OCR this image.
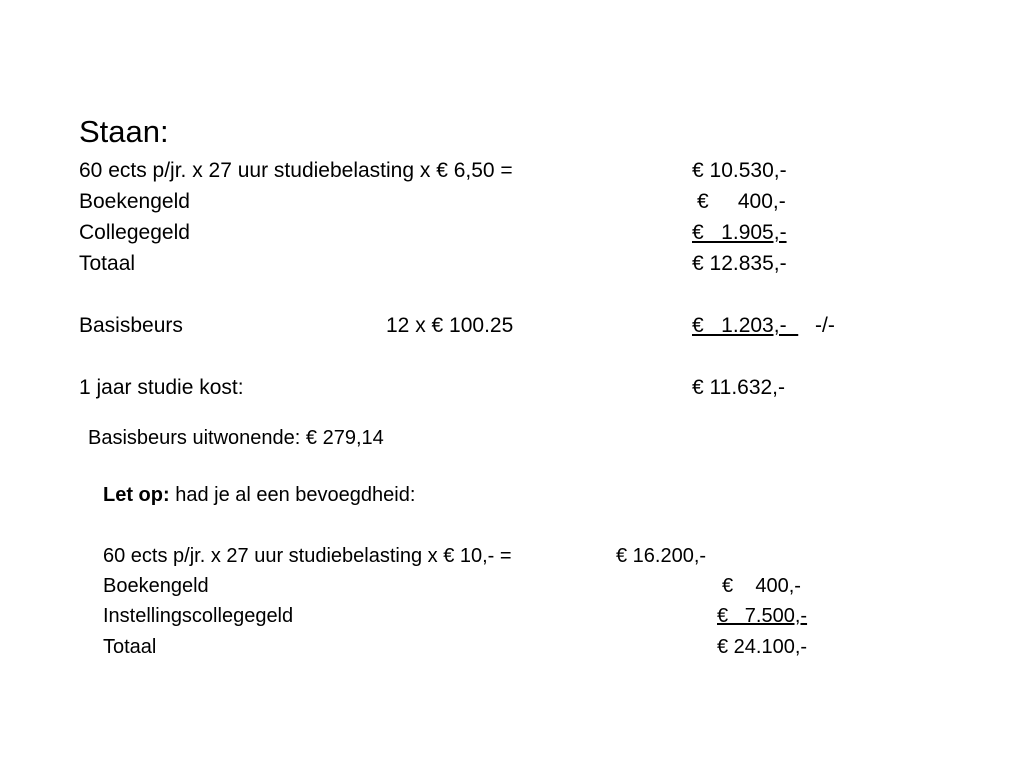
Staan:
60 ects p/jr. x 27 uur studiebelasting x € 6,50 =	€ 10.530,-
Boekengeld	€     400,-
Collegegeld	€   1.905,-
Totaal	€ 12.835,-
Basisbeurs	12 x € 100.25	€   1.203,- -/-
1 jaar studie kost:	€ 11.632,-
Basisbeurs uitwonende: € 279,14
Let op: had je al een bevoegdheid:
60 ects p/jr. x 27 uur studiebelasting x € 10,- =	€ 16.200,-
Boekengeld	€    400,-
Instellingscollegegeld	€   7.500,-
Totaal	€ 24.100,-
